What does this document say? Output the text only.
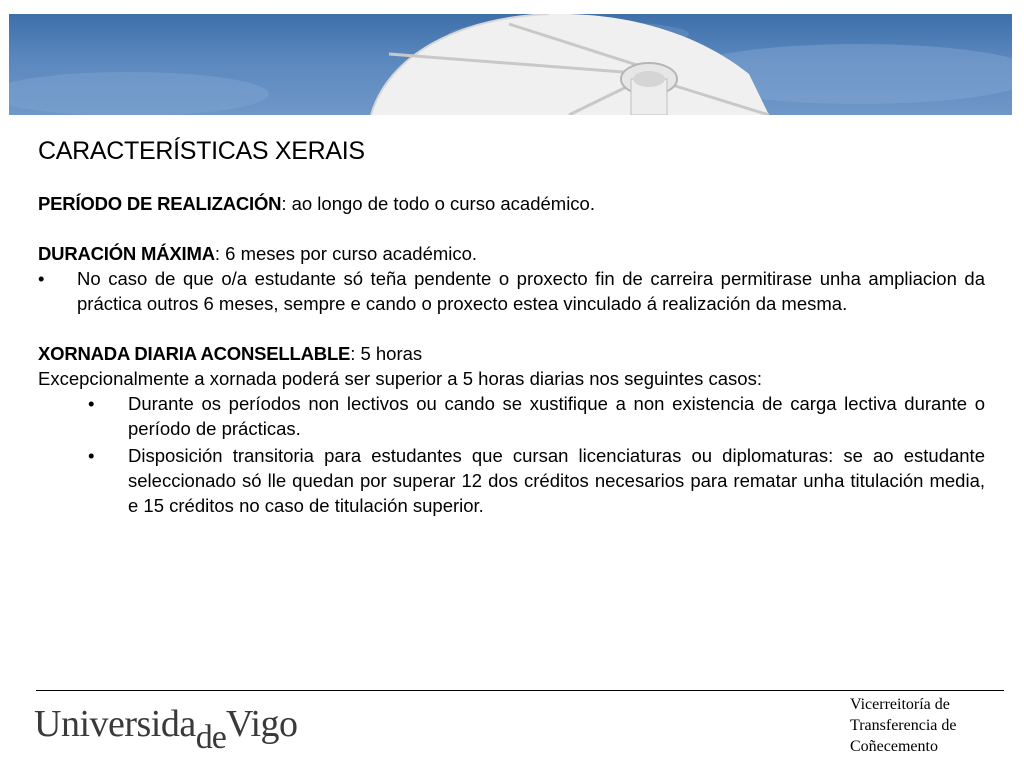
CARACTERÍSTICAS XERAIS

PERÍODO DE REALIZACIÓN: ao longo de todo o curso académico.

DURACIÓN MÁXIMA: 6 meses por curso académico.

•	No caso de que o/a estudante só teña pendente o proxecto fin de carreira permitirase unha ampliacion da práctica outros 6 meses, sempre e cando o proxecto estea vinculado á realización da mesma.

XORNADA DIARIA ACONSELLABLE: 5 horas

Excepcionalmente a xornada poderá ser superior a 5 horas diarias nos seguintes casos:

•	Durante os períodos non lectivos ou cando se xustifique a non existencia de carga lectiva durante o período de prácticas.

•	Disposición transitoria para estudantes que cursan licenciaturas ou diplomaturas: se ao estudante seleccionado só lle quedan por superar 12 dos créditos necesarios para rematar unha titulación media, e 15 créditos no caso de titulación superior.

UniversidadeVigo	Vicerreitoría de
Transferencia de
Coñecemento
